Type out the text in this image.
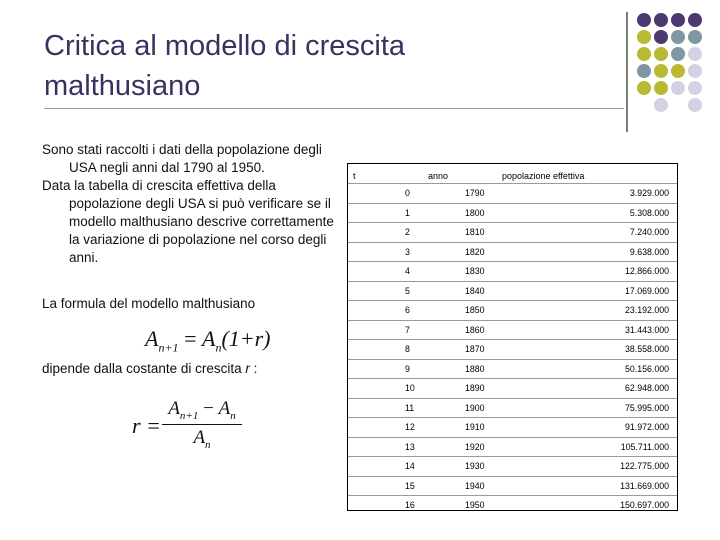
Critica al modello di crescita
malthusiano
Sono stati raccolti i dati della popolazione degli USA negli anni dal 1790 al 1950.
Data la tabella di crescita effettiva della popolazione degli USA si può verificare se il modello malthusiano descrive correttamente la variazione di popolazione nel corso degli anni.
La formula del modello malthusiano
$A_{n+1} = A_n(1+r)$
dipende dalla costante di crescita r :
$r = \frac{A_{n+1} - A_n}{A_n}$
t	anno	popolazione effettiva
0	1790	3.929.000
1	1800	5.308.000
2	1810	7.240.000
3	1820	9.638.000
4	1830	12.866.000
5	1840	17.069.000
6	1850	23.192.000
7	1860	31.443.000
8	1870	38.558.000
9	1880	50.156.000
10	1890	62.948.000
11	1900	75.995.000
12	1910	91.972.000
13	1920	105.711.000
14	1930	122.775.000
15	1940	131.669.000
16	1950	150.697.000
